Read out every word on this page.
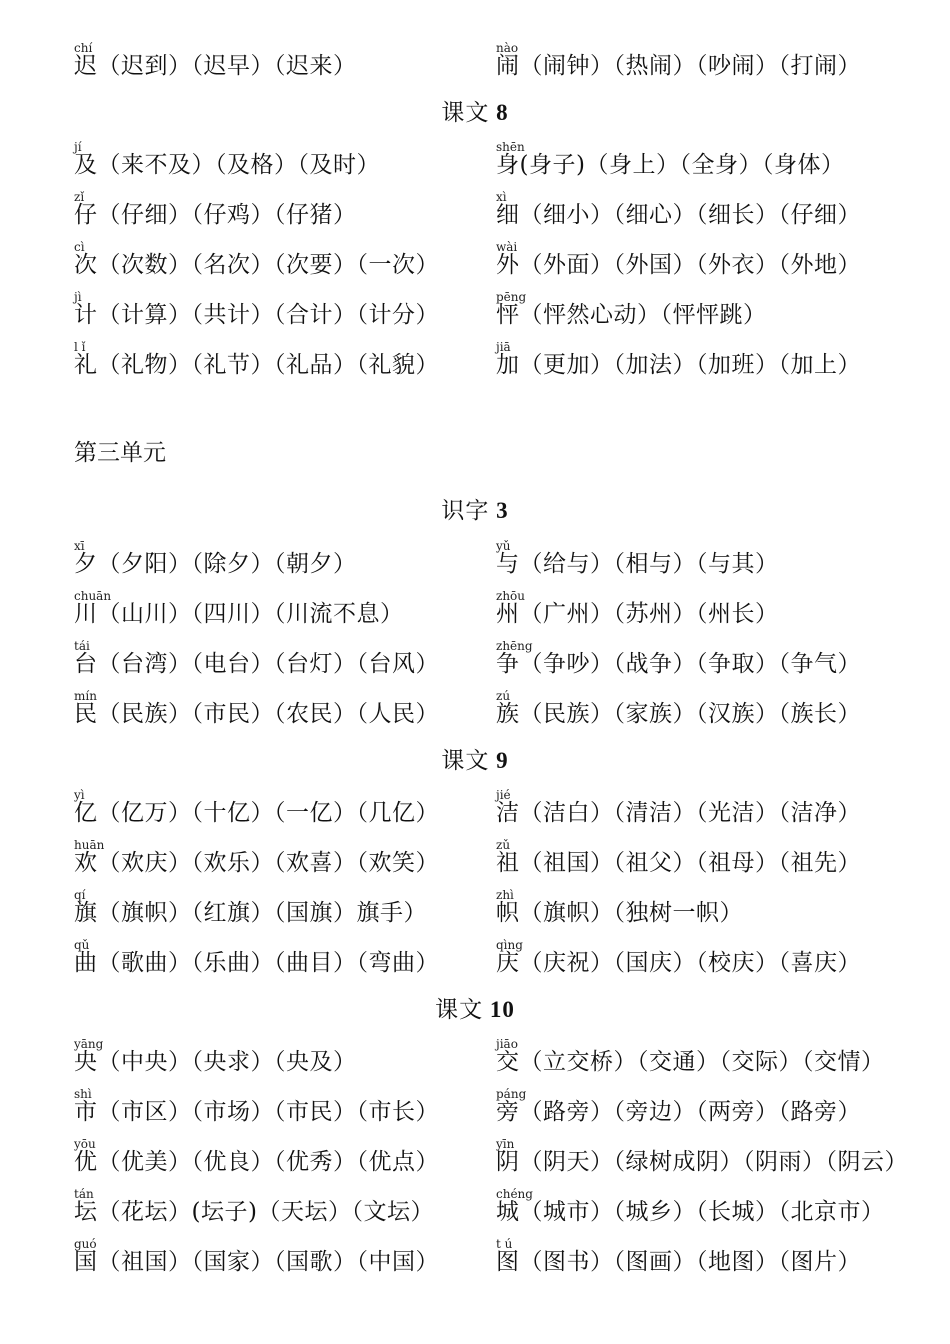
chí
迟（迟到）（迟早）（迟来）
nào
闹（闹钟）（热闹）（吵闹）（打闹）
课文 8
jí
及（来不及）（及格）（及时）
shēn
身(身子)（身上）（全身）（身体）
zǐ
仔（仔细）（仔鸡）（仔猪）
xì
细（细小）（细心）（细长）（仔细）
cì
次（次数）（名次）（次要）（一次）
wài
外（外面）（外国）（外衣）（外地）
jì
计（计算）（共计）（合计）（计分）
pēng
怦（怦然心动）（怦怦跳）
l ǐ
礼（礼物）（礼节）（礼品）（礼貌）
jiā
加（更加）（加法）（加班）（加上）
第三单元
识字 3
xī
夕（夕阳）（除夕）（朝夕）
yǔ
与（给与）（相与）（与其）
chuān
川（山川）（四川）（川流不息）
zhōu
州（广州）（苏州）（州长）
tái
台（台湾）（电台）（台灯）（台风）
zhēng
争（争吵）（战争）（争取）（争气）
mín
民（民族）（市民）（农民）（人民）
zú
族（民族）（家族）（汉族）（族长）
课文 9
yì
亿（亿万）（十亿）（一亿）（几亿）
jié
洁（洁白）（清洁）（光洁）（洁净）
huān
欢（欢庆）（欢乐）（欢喜）（欢笑）
zǔ
祖（祖国）（祖父）（祖母）（祖先）
qí
旗（旗帜）（红旗）（国旗）旗手）
zhì
帜（旗帜）（独树一帜）
qǔ
曲（歌曲）（乐曲）（曲目）（弯曲）
qìng
庆（庆祝）（国庆）（校庆）（喜庆）
课文 10
yāng
央（中央）（央求）（央及）
jiāo
交（立交桥）（交通）（交际）（交情）
shì
市（市区）（市场）（市民）（市长）
páng
旁（路旁）（旁边）（两旁）（路旁）
yōu
优（优美）（优良）（优秀）（优点）
yīn
阴（阴天）（绿树成阴）（阴雨）（阴云）
tán
坛（花坛）(坛子)（天坛）（文坛）
chéng
城（城市）（城乡）（长城）（北京市）
guó
国（祖国）（国家）（国歌）（中国）
t ú
图（图书）（图画）（地图）（图片）
